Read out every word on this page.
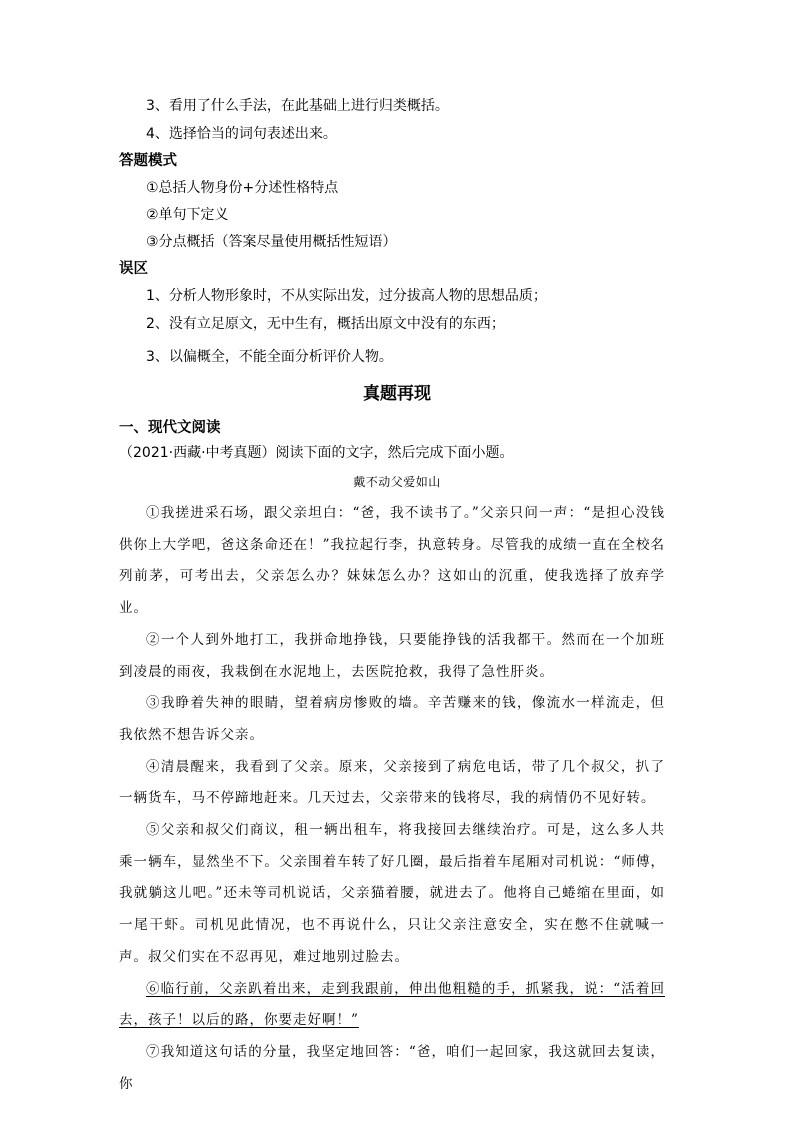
3、看用了什么手法，在此基础上进行归类概括。
4、选择恰当的词句表述出来。
答题模式
①总括人物身份+分述性格特点
②单句下定义
③分点概括（答案尽量使用概括性短语）
误区
1、分析人物形象时，不从实际出发，过分拔高人物的思想品质；
2、没有立足原文，无中生有，概括出原文中没有的东西；
3、以偏概全，不能全面分析评价人物。
真题再现
一、现代文阅读
（2021·西藏·中考真题）阅读下面的文字，然后完成下面小题。
戴不动父爱如山

①我搓进采石场，跟父亲坦白：“爸，我不读书了。”父亲只问一声：“是担心没钱供你上大学吧，爸这条命还在！”我拉起行李，执意转身。尽管我的成绩一直在全校名列前茅，可考出去，父亲怎么办？妹妹怎么办？这如山的沉重，使我选择了放弃学业。

②一个人到外地打工，我拼命地挣钱，只要能挣钱的活我都干。然而在一个加班到凌晨的雨夜，我栽倒在水泥地上，去医院抢救，我得了急性肝炎。

③我睁着失神的眼睛，望着病房惨败的墙。辛苦赚来的钱，像流水一样流走，但我依然不想告诉父亲。

④清晨醒来，我看到了父亲。原来，父亲接到了病危电话，带了几个叔父，扒了一辆货车，马不停蹄地赶来。几天过去，父亲带来的钱将尽，我的病情仍不见好转。

⑤父亲和叔父们商议，租一辆出租车，将我接回去继续治疗。可是，这么多人共乘一辆车，显然坐不下。父亲围着车转了好几圈，最后指着车尾厢对司机说：“师傅，我就躺这儿吧。”还未等司机说话，父亲猫着腰，就进去了。他将自己蜷缩在里面，如一尾干虾。司机见此情况，也不再说什么，只让父亲注意安全，实在憋不住就喊一声。叔父们实在不忍再见，难过地别过脸去。

⑥临行前，父亲趴着出来，走到我跟前，伸出他粗糙的手，抓紧我，说：“活着回去，孩子！以后的路，你要走好啊！”

⑦我知道这句话的分量，我坚定地回答：“爸，咱们一起回家，我这就回去复读，你
